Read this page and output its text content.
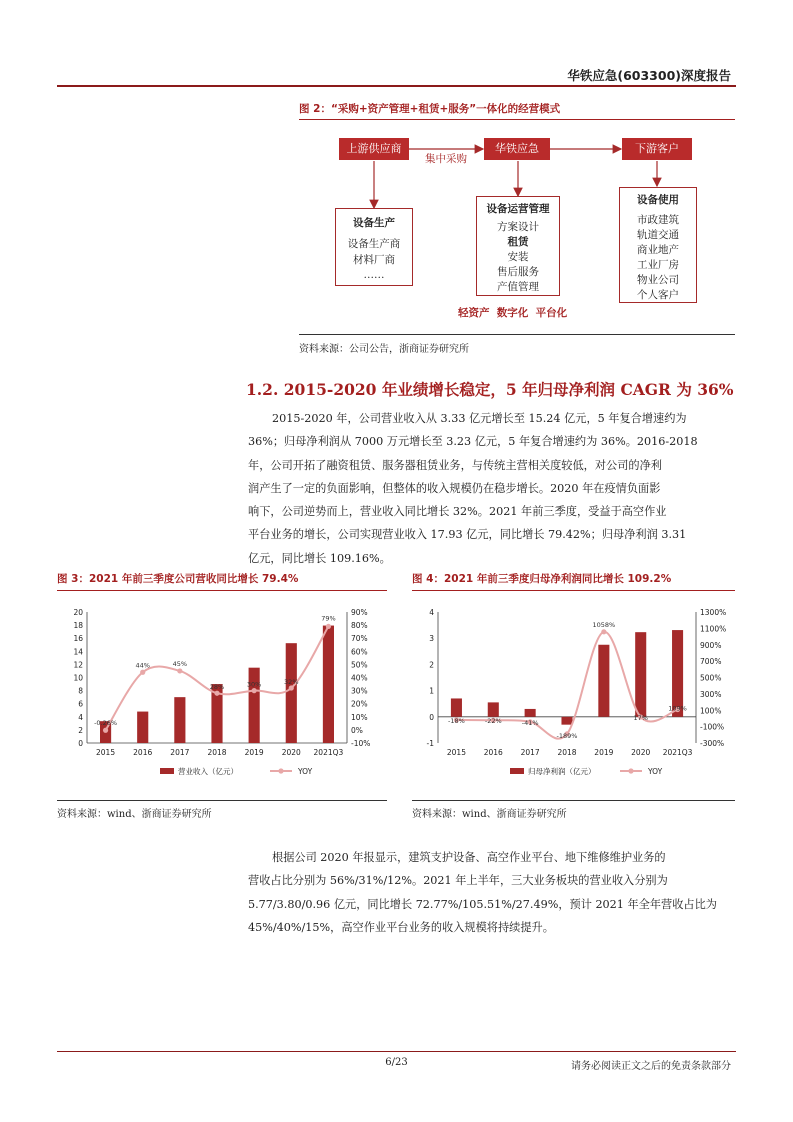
华铁应急(603300)深度报告
图 2：“采购+资产管理+租赁+服务”一体化的经营模式
上游供应商
集中采购
华铁应急	下游客户
设备生产
设备生产商
材料厂商
……
设备运营管理
方案设计
租赁
安装
售后服务
产值管理
设备使用
市政建筑
轨道交通
商业地产
工业厂房
物业公司
个人客户
轻资产  数字化  平台化
资料来源：公司公告，浙商证券研究所
1.2. 2015-2020 年业绩增长稳定，5 年归母净利润 CAGR 为 36%
2015-2020 年，公司营业收入从 3.33 亿元增长至 15.24 亿元，5 年复合增速约为
36%；归母净利润从 7000 万元增长至 3.23 亿元，5 年复合增速约为 36%。2016-2018
年，公司开拓了融资租赁、服务器租赁业务，与传统主营相关度较低，对公司的净利
润产生了一定的负面影响，但整体的收入规模仍在稳步增长。2020 年在疫情负面影
响下，公司逆势而上，营业收入同比增长 32%。2021 年前三季度，受益于高空作业
平台业务的增长，公司实现营业收入 17.93 亿元，同比增长 79.42%；归母净利润 3.31
亿元，同比增长 109.16%。
图 3：2021 年前三季度公司营收同比增长 79.4%
0
2
4
6
8
10
12
14
16
18
20
-10%
0%
10%
20%
30%
40%
50%
60%
70%
80%
90%
2015 2016 2017 2018 2019 2020 2021Q3
-0.26%
44%	45%
28%	30%	32%
79%
营业收入（亿元）	YOY
资料来源：wind、浙商证券研究所
图 4：2021 年前三季度归母净利润同比增长 109.2%
-1
0
1
2
3
4
-300%
-100%
100%
300%
500%
700%
900%
1100%
1300%
2015 2016 2017 2018 2019 2020 2021Q3
-18%	-22%	-41%
-189%
1058%
17%
109%
归母净利润（亿元）	YOY
资料来源：wind、浙商证券研究所
根据公司 2020 年报显示，建筑支护设备、高空作业平台、地下维修维护业务的
营收占比分别为 56%/31%/12%。2021 年上半年，三大业务板块的营业收入分别为
5.77/3.80/0.96 亿元，同比增长 72.77%/105.51%/27.49%，预计 2021 年全年营收占比为
45%/40%/15%，高空作业平台业务的收入规模将持续提升。
6/23	请务必阅读正文之后的免责条款部分
